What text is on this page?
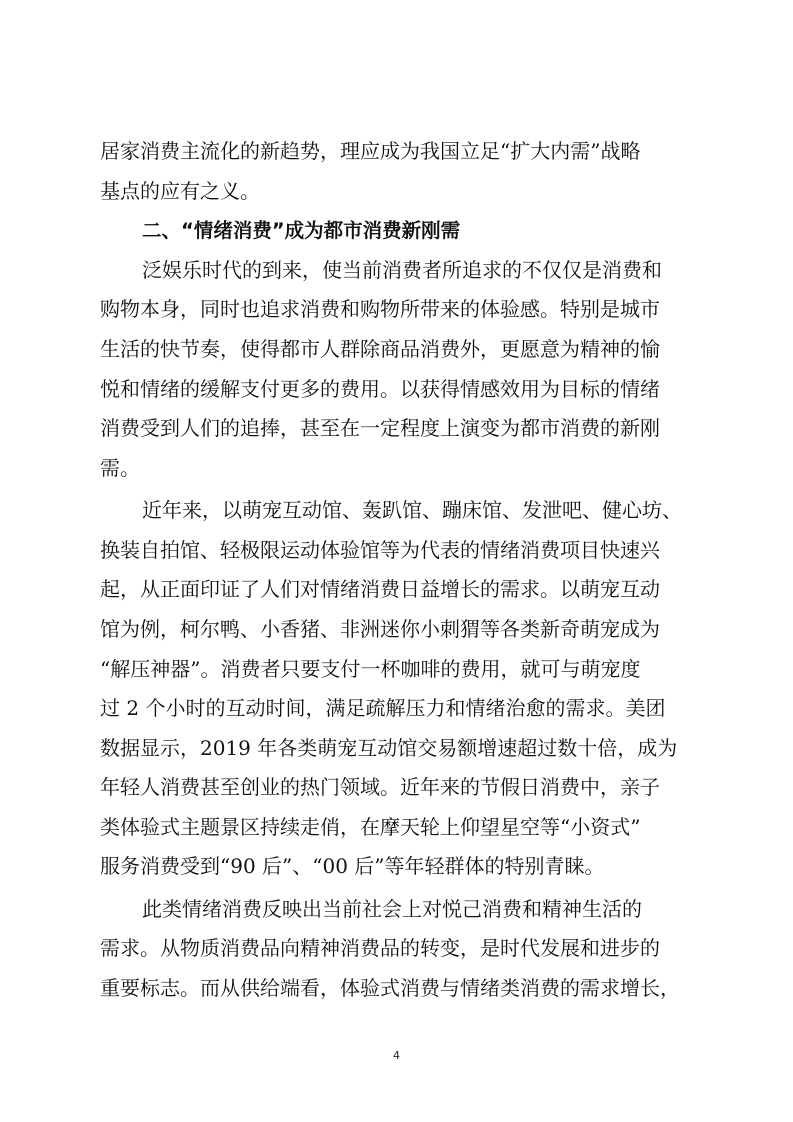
居家消费主流化的新趋势，理应成为我国立足“扩大内需”战略
基点的应有之义。
二、“情绪消费”成为都市消费新刚需
泛娱乐时代的到来，使当前消费者所追求的不仅仅是消费和
购物本身，同时也追求消费和购物所带来的体验感。特别是城市
生活的快节奏，使得都市人群除商品消费外，更愿意为精神的愉
悦和情绪的缓解支付更多的费用。以获得情感效用为目标的情绪
消费受到人们的追捧，甚至在一定程度上演变为都市消费的新刚
需。
近年来，以萌宠互动馆、轰趴馆、蹦床馆、发泄吧、健心坊、
换装自拍馆、轻极限运动体验馆等为代表的情绪消费项目快速兴
起，从正面印证了人们对情绪消费日益增长的需求。以萌宠互动
馆为例，柯尔鸭、小香猪、非洲迷你小刺猬等各类新奇萌宠成为
“解压神器”。消费者只要支付一杯咖啡的费用，就可与萌宠度
过 2 个小时的互动时间，满足疏解压力和情绪治愈的需求。美团
数据显示，2019 年各类萌宠互动馆交易额增速超过数十倍，成为
年轻人消费甚至创业的热门领域。近年来的节假日消费中，亲子
类体验式主题景区持续走俏，在摩天轮上仰望星空等“小资式”
服务消费受到“90 后”、“00 后”等年轻群体的特别青睐。
此类情绪消费反映出当前社会上对悦己消费和精神生活的
需求。从物质消费品向精神消费品的转变，是时代发展和进步的
重要标志。而从供给端看，体验式消费与情绪类消费的需求增长，
4
